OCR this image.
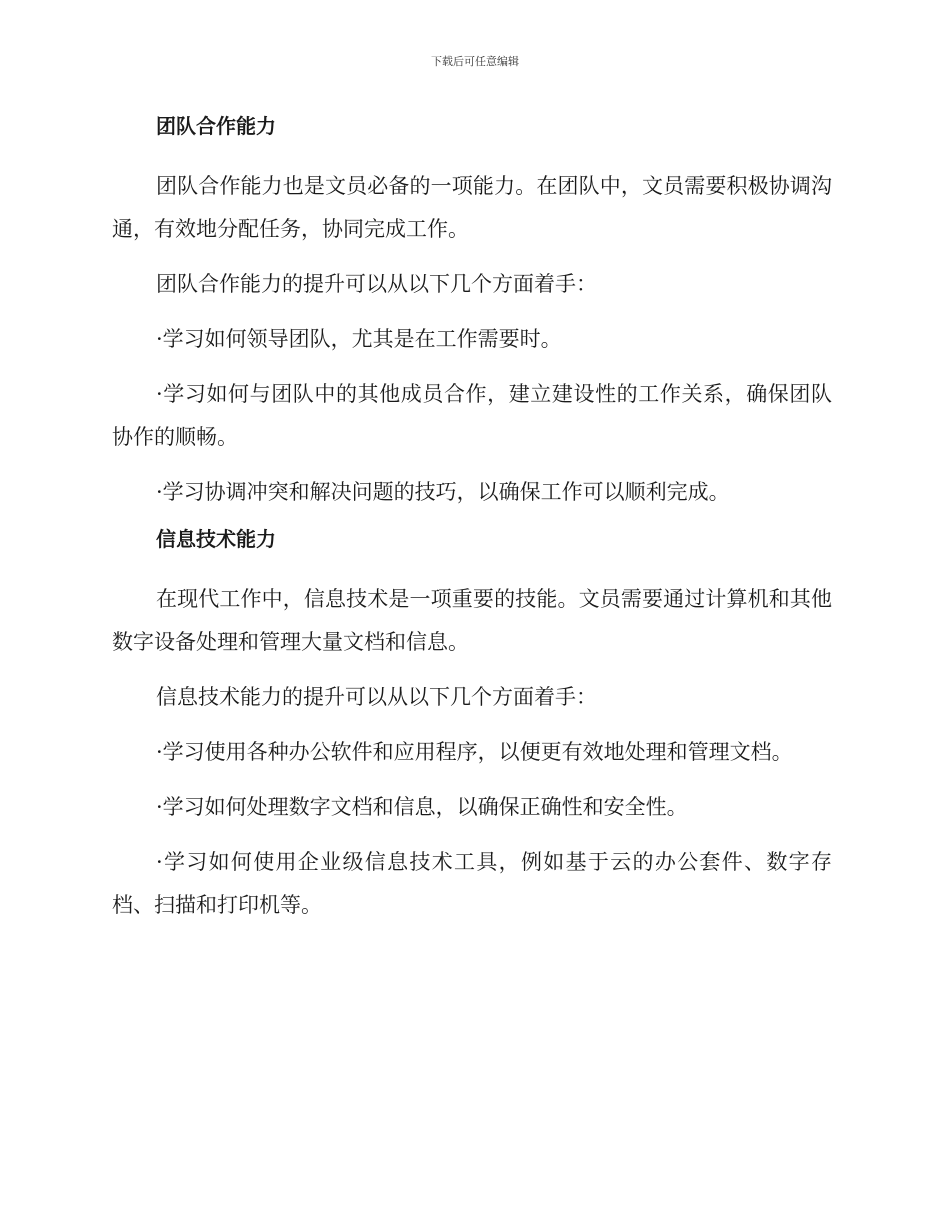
下载后可任意编辑
团队合作能力

团队合作能力也是文员必备的一项能力。在团队中，文员需要积极协调沟通，有效地分配任务，协同完成工作。

团队合作能力的提升可以从以下几个方面着手：

·学习如何领导团队，尤其是在工作需要时。

·学习如何与团队中的其他成员合作，建立建设性的工作关系，确保团队协作的顺畅。

·学习协调冲突和解决问题的技巧，以确保工作可以顺利完成。

信息技术能力

在现代工作中，信息技术是一项重要的技能。文员需要通过计算机和其他数字设备处理和管理大量文档和信息。

信息技术能力的提升可以从以下几个方面着手：

·学习使用各种办公软件和应用程序，以便更有效地处理和管理文档。

·学习如何处理数字文档和信息，以确保正确性和安全性。

·学习如何使用企业级信息技术工具，例如基于云的办公套件、数字存档、扫描和打印机等。
